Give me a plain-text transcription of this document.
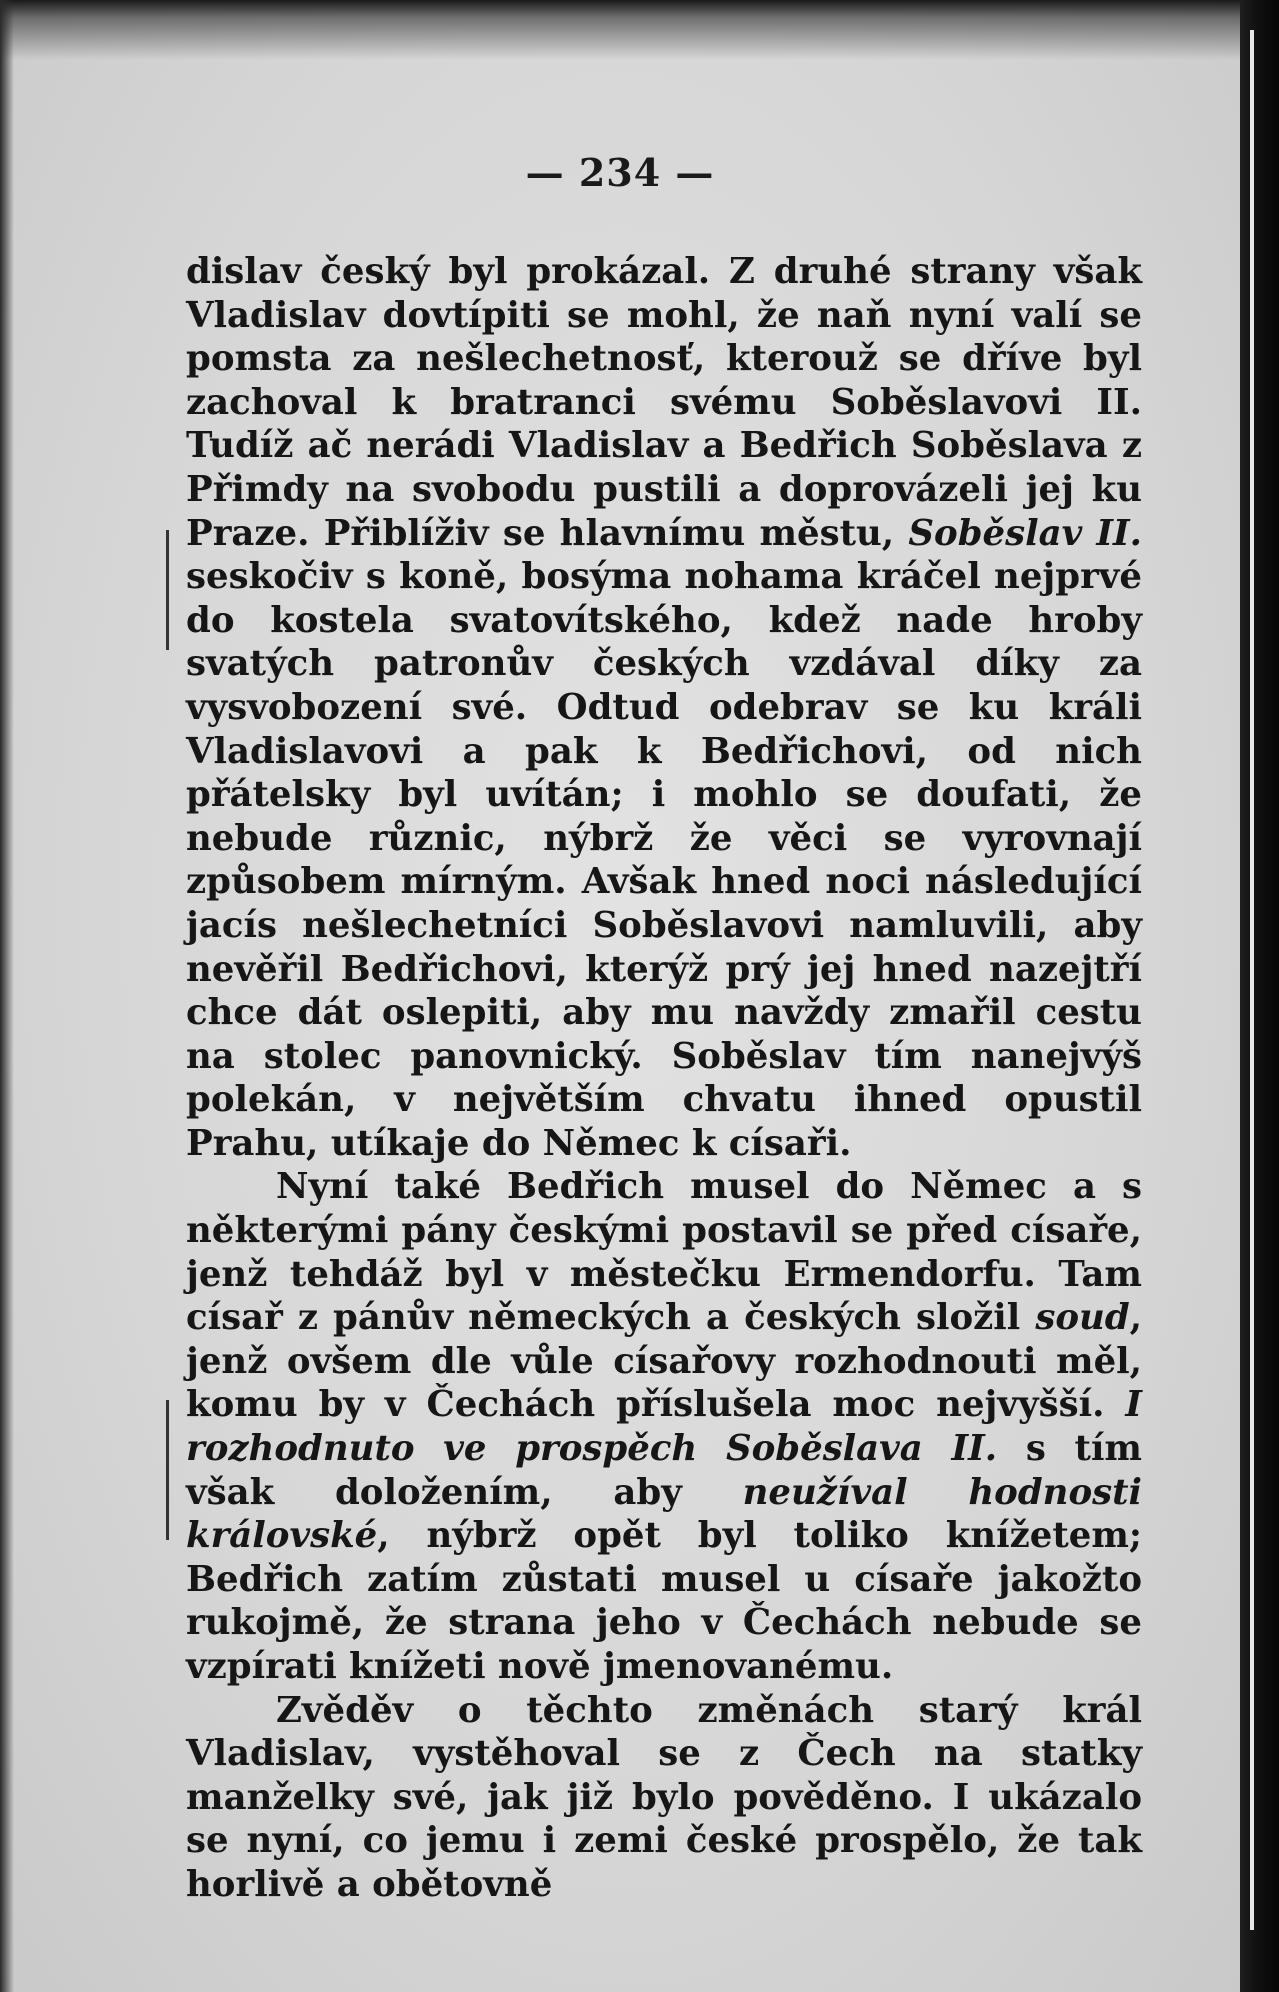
— 234 —

dislav český byl prokázal. Z druhé strany však Vladislav dovtípiti se mohl, že naň nyní valí se pomsta za nešlechetnosť, kterouž se dříve byl zachoval k bratranci svému Soběslavovi II. Tudíž ač nerádi Vladislav a Bedřich Soběslava z Přimdy na svobodu pustili a doprovázeli jej ku Praze. Přiblíživ se hlavnímu městu, Soběslav II. seskočiv s koně, bosýma nohama kráčel nejprvé do kostela svatovítského, kdež nade hroby svatých patronův českých vzdával díky za vysvobození své. Odtud odebrav se ku králi Vladislavovi a pak k Bedřichovi, od nich přátelsky byl uvítán; i mohlo se doufati, že nebude různic, nýbrž že věci se vyrovnají způsobem mírným. Avšak hned noci následující jacís nešlechetníci Soběslavovi namluvili, aby nevěřil Bedřichovi, kterýž prý jej hned nazejtří chce dát oslepiti, aby mu navždy zmařil cestu na stolec panovnický. Soběslav tím nanejvýš polekán, v největším chvatu ihned opustil Prahu, utíkaje do Němec k císaři.

Nyní také Bedřich musel do Němec a s některými pány českými postavil se před císaře, jenž tehdáž byl v městečku Ermendorfu. Tam císař z pánův německých a českých složil soud, jenž ovšem dle vůle císařovy rozhodnouti měl, komu by v Čechách příslušela moc nejvyšší. I rozhodnuto ve prospěch Soběslava II. s tím však doložením, aby neužíval hodnosti královské, nýbrž opět byl toliko knížetem; Bedřich zatím zůstati musel u císaře jakožto rukojmě, že strana jeho v Čechách nebude se vzpírati knížeti nově jmenovanému.

Zvěděv o těchto změnách starý král Vladislav, vystěhoval se z Čech na statky manželky své, jak již bylo pověděno. I ukázalo se nyní, co jemu i zemi české prospělo, že tak horlivě a obětovně
